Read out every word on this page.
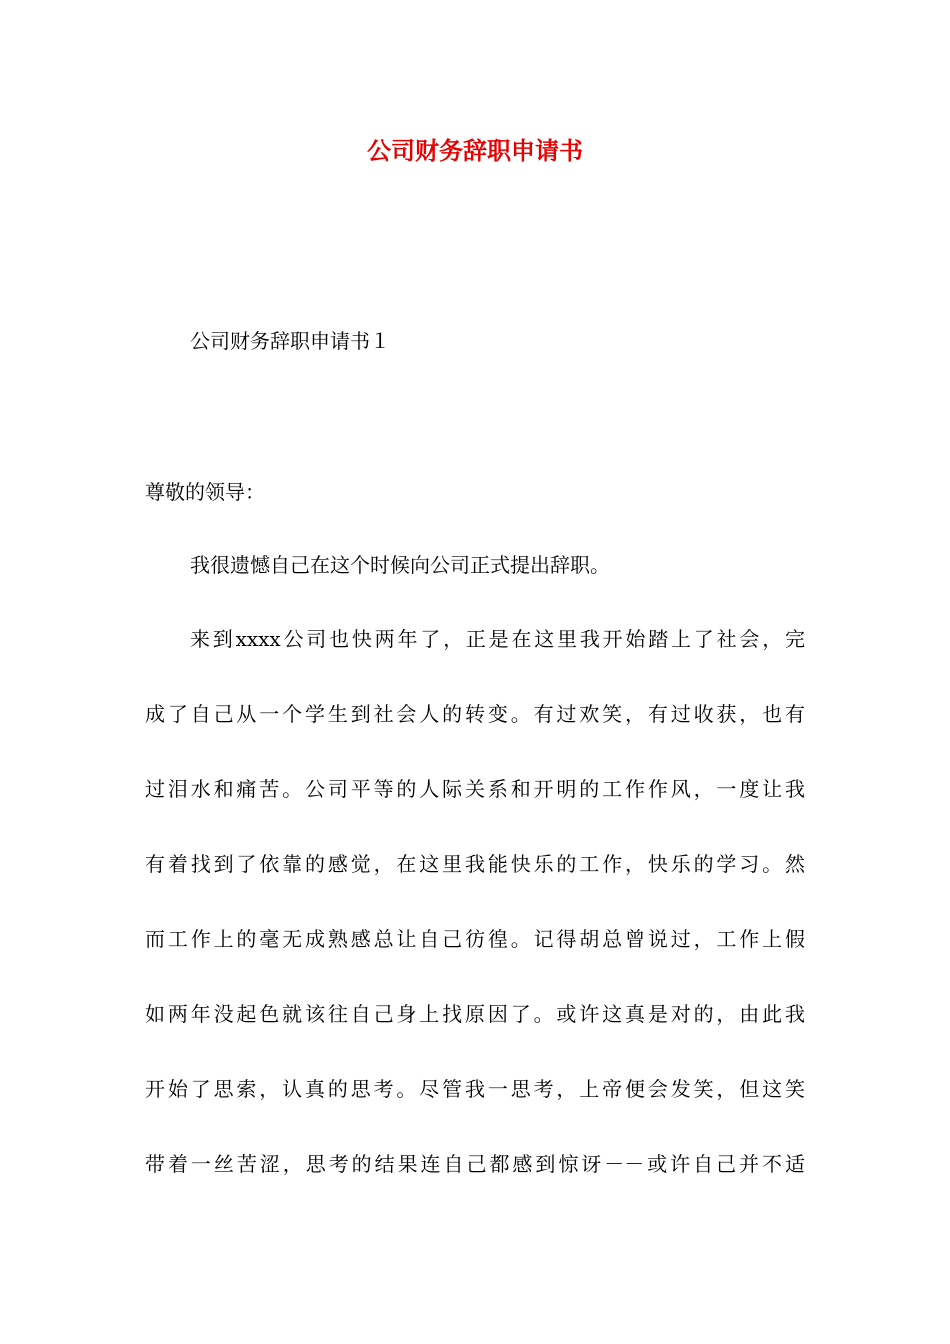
公司财务辞职申请书

公司财务辞职申请书１

尊敬的领导：

我很遗憾自己在这个时候向公司正式提出辞职。

来到xxxx公司也快两年了，正是在这里我开始踏上了社会，完
成了自己从一个学生到社会人的转变。有过欢笑，有过收获，也有
过泪水和痛苦。公司平等的人际关系和开明的工作作风，一度让我
有着找到了依靠的感觉，在这里我能快乐的工作，快乐的学习。然
而工作上的毫无成熟感总让自己彷徨。记得胡总曾说过，工作上假
如两年没起色就该往自己身上找原因了。或许这真是对的，由此我
开始了思索，认真的思考。尽管我一思考，上帝便会发笑，但这笑
带着一丝苦涩，思考的结果连自己都感到惊讶－－或许自己并不适
